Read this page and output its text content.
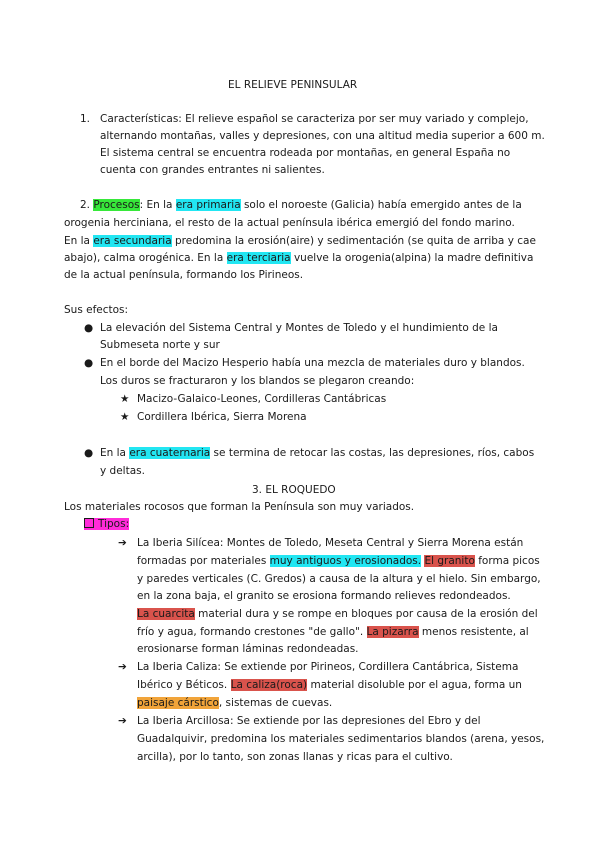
EL RELIEVE PENINSULAR
1. Características: El relieve español se caracteriza por ser muy variado y complejo,
alternando montañas, valles y depresiones, con una altitud media superior a 600 m.
El sistema central se encuentra rodeada por montañas, en general España no
cuenta con grandes entrantes ni salientes.
2. Procesos: En la era primaria solo el noroeste (Galicia) había emergido antes de la
orogenia herciniana, el resto de la actual península ibérica emergió del fondo marino.
En la era secundaria predomina la erosión(aire) y sedimentación (se quita de arriba y cae
abajo), calma orogénica. En la era terciaria vuelve la orogenia(alpina) la madre definitiva
de la actual península, formando los Pirineos.
Sus efectos:
● La elevación del Sistema Central y Montes de Toledo y el hundimiento de la
Submeseta norte y sur
● En el borde del Macizo Hesperio había una mezcla de materiales duro y blandos.
Los duros se fracturaron y los blandos se plegaron creando:
★ Macizo-Galaico-Leones, Cordilleras Cantábricas
★ Cordillera Ibérica, Sierra Morena
● En la era cuaternaria se termina de retocar las costas, las depresiones, ríos, cabos
y deltas.
3. EL ROQUEDO
Los materiales rocosos que forman la Península son muy variados.
Tipos:
➔ La Iberia Silícea: Montes de Toledo, Meseta Central y Sierra Morena están
formadas por materiales muy antiguos y erosionados. El granito forma picos
y paredes verticales (C. Gredos) a causa de la altura y el hielo. Sin embargo,
en la zona baja, el granito se erosiona formando relieves redondeados.
La cuarcita material dura y se rompe en bloques por causa de la erosión del
frío y agua, formando crestones "de gallo". La pizarra menos resistente, al
erosionarse forman láminas redondeadas.
➔ La Iberia Caliza: Se extiende por Pirineos, Cordillera Cantábrica, Sistema
Ibérico y Béticos. La caliza(roca) material disoluble por el agua, forma un
paisaje cárstico, sistemas de cuevas.
➔ La Iberia Arcillosa: Se extiende por las depresiones del Ebro y del
Guadalquivir, predomina los materiales sedimentarios blandos (arena, yesos,
arcilla), por lo tanto, son zonas llanas y ricas para el cultivo.
